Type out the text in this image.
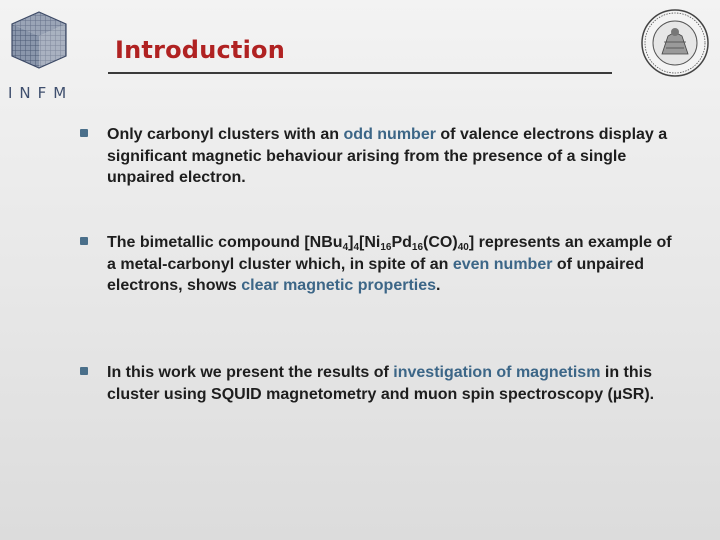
INFM
Introduction
Only carbonyl clusters with an odd number of valence electrons display a significant magnetic behaviour arising from the presence of a single unpaired electron.
The bimetallic compound $[NBu_4]_4[Ni_{16}Pd_{16}(CO)_{40}]$ represents an example of a metal-carbonyl cluster which, in spite of an even number of unpaired electrons, shows clear magnetic properties.
In this work we present the results of investigation of magnetism in this cluster using SQUID magnetometry and muon spin spectroscopy (µSR).
